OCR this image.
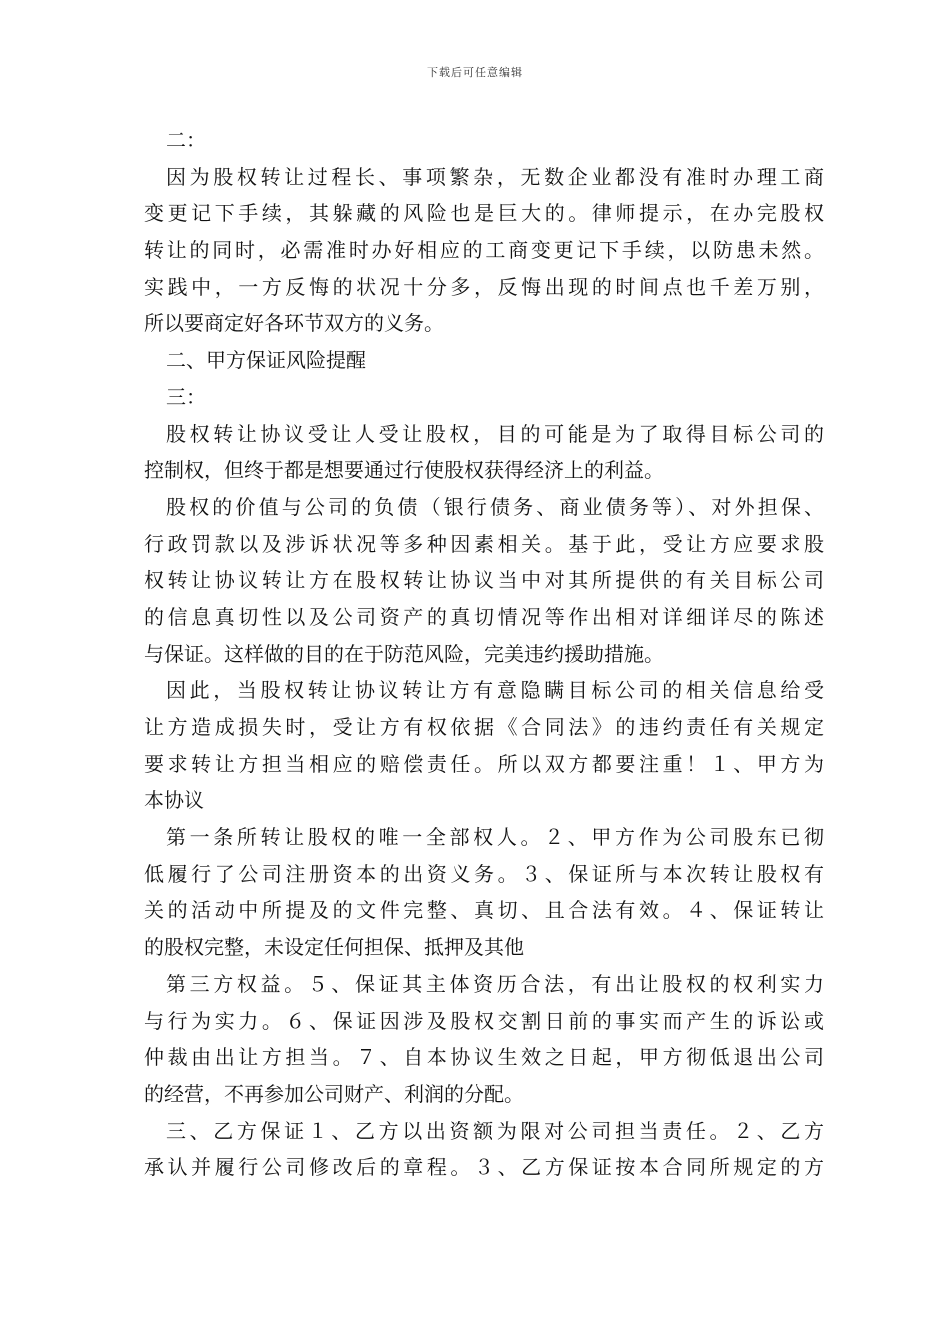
下载后可任意编辑
二：
因为股权转让过程长、事项繁杂，无数企业都没有准时办理工商
变更记下手续，其躲藏的风险也是巨大的。律师提示，在办完股权
转让的同时，必需准时办好相应的工商变更记下手续，以防患未然。
实践中，一方反悔的状况十分多，反悔出现的时间点也千差万别，
所以要商定好各环节双方的义务。
二、甲方保证风险提醒
三：
股权转让协议受让人受让股权，目的可能是为了取得目标公司的
控制权，但终于都是想要通过行使股权获得经济上的利益。
股权的价值与公司的负债（银行债务、商业债务等）、对外担保、
行政罚款以及涉诉状况等多种因素相关。基于此，受让方应要求股
权转让协议转让方在股权转让协议当中对其所提供的有关目标公司
的信息真切性以及公司资产的真切情况等作出相对详细详尽的陈述
与保证。这样做的目的在于防范风险，完美违约援助措施。
因此，当股权转让协议转让方有意隐瞒目标公司的相关信息给受
让方造成损失时，受让方有权依据《合同法》的违约责任有关规定
要求转让方担当相应的赔偿责任。所以双方都要注重！１、甲方为
本协议
第一条所转让股权的唯一全部权人。２、甲方作为公司股东已彻
低履行了公司注册资本的出资义务。３、保证所与本次转让股权有
关的活动中所提及的文件完整、真切、且合法有效。４、保证转让
的股权完整，未设定任何担保、抵押及其他
第三方权益。５、保证其主体资历合法，有出让股权的权利实力
与行为实力。６、保证因涉及股权交割日前的事实而产生的诉讼或
仲裁由出让方担当。７、自本协议生效之日起，甲方彻低退出公司
的经营，不再参加公司财产、利润的分配。
三、乙方保证１、乙方以出资额为限对公司担当责任。２、乙方
承认并履行公司修改后的章程。３、乙方保证按本合同所规定的方
